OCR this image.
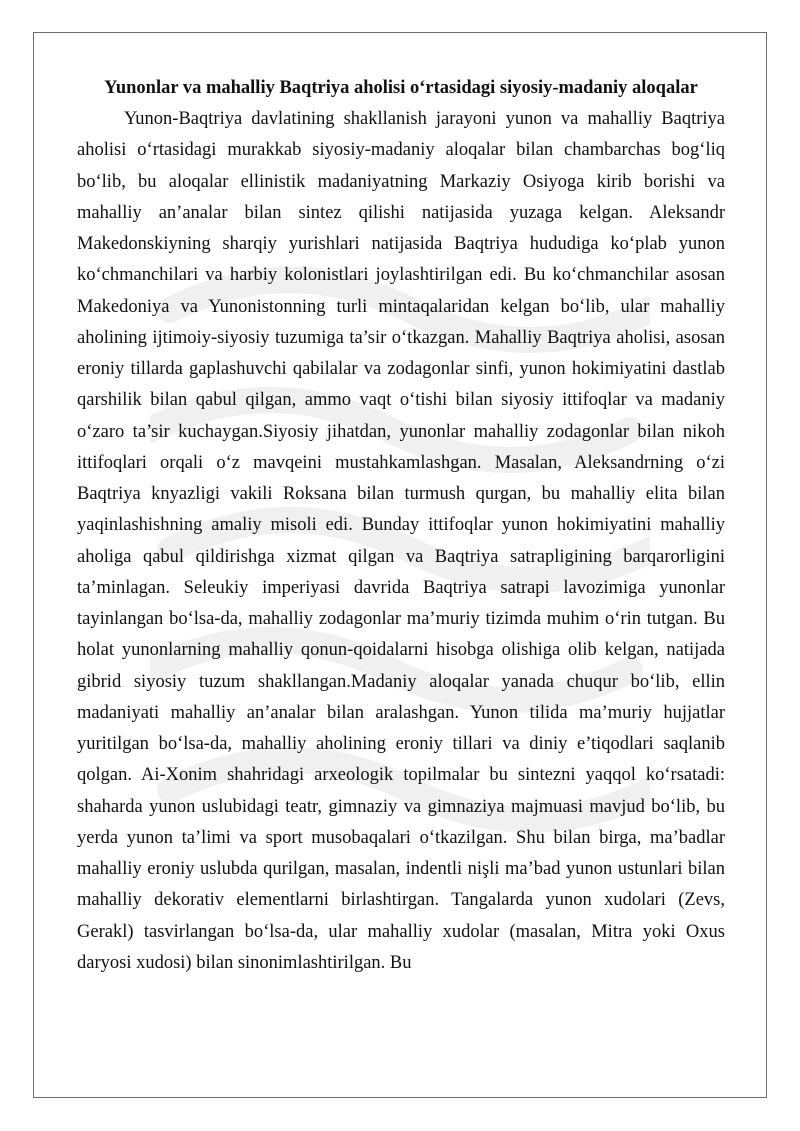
Yunonlar va mahalliy Baqtriya aholisi o‘rtasidagi siyosiy-madaniy aloqalar

Yunon-Baqtriya davlatining shakllanish jarayoni yunon va mahalliy Baqtriya aholisi o‘rtasidagi murakkab siyosiy-madaniy aloqalar bilan chambarchas bog‘liq bo‘lib, bu aloqalar ellinistik madaniyatning Markaziy Osiyoga kirib borishi va mahalliy an’analar bilan sintez qilishi natijasida yuzaga kelgan. Aleksandr Makedonskiyning sharqiy yurishlari natijasida Baqtriya hududiga ko‘plab yunon ko‘chmanchilari va harbiy kolonistlari joylashtirilgan edi. Bu ko‘chmanchilar asosan Makedoniya va Yunonistonning turli mintaqalaridan kelgan bo‘lib, ular mahalliy aholining ijtimoiy-siyosiy tuzumiga ta’sir o‘tkazgan. Mahalliy Baqtriya aholisi, asosan eroniy tillarda gaplashuvchi qabilalar va zodagonlar sinfi, yunon hokimiyatini dastlab qarshilik bilan qabul qilgan, ammo vaqt o‘tishi bilan siyosiy ittifoqlar va madaniy o‘zaro ta’sir kuchaygan.Siyosiy jihatdan, yunonlar mahalliy zodagonlar bilan nikoh ittifoqlari orqali o‘z mavqeini mustahkamlashgan. Masalan, Aleksandrning o‘zi Baqtriya knyazligi vakili Roksana bilan turmush qurgan, bu mahalliy elita bilan yaqinlashishning amaliy misoli edi. Bunday ittifoqlar yunon hokimiyatini mahalliy aholiga qabul qildirishga xizmat qilgan va Baqtriya satrapligining barqarorligini ta’minlagan. Seleukiy imperiyasi davrida Baqtriya satrapi lavozimiga yunonlar tayinlangan bo‘lsa-da, mahalliy zodagonlar ma’muriy tizimda muhim o‘rin tutgan. Bu holat yunonlarning mahalliy qonun-qoidalarni hisobga olishiga olib kelgan, natijada gibrid siyosiy tuzum shakllangan.Madaniy aloqalar yanada chuqur bo‘lib, ellin madaniyati mahalliy an’analar bilan aralashgan. Yunon tilida ma’muriy hujjatlar yuritilgan bo‘lsa-da, mahalliy aholining eroniy tillari va diniy e’tiqodlari saqlanib qolgan. Ai-Xonim shahridagi arxeologik topilmalar bu sintezni yaqqol ko‘rsatadi: shaharda yunon uslubidagi teatr, gimnaziy va gimnaziya majmuasi mavjud bo‘lib, bu yerda yunon ta’limi va sport musobaqalari o‘tkazilgan. Shu bilan birga, ma’badlar mahalliy eroniy uslubda qurilgan, masalan, indentli nişli ma’bad yunon ustunlari bilan mahalliy dekorativ elementlarni birlashtirgan. Tangalarda yunon xudolari (Zevs, Gerakl) tasvirlangan bo‘lsa-da, ular mahalliy xudolar (masalan, Mitra yoki Oxus daryosi xudosi) bilan sinonimlashtirilgan. Bu
